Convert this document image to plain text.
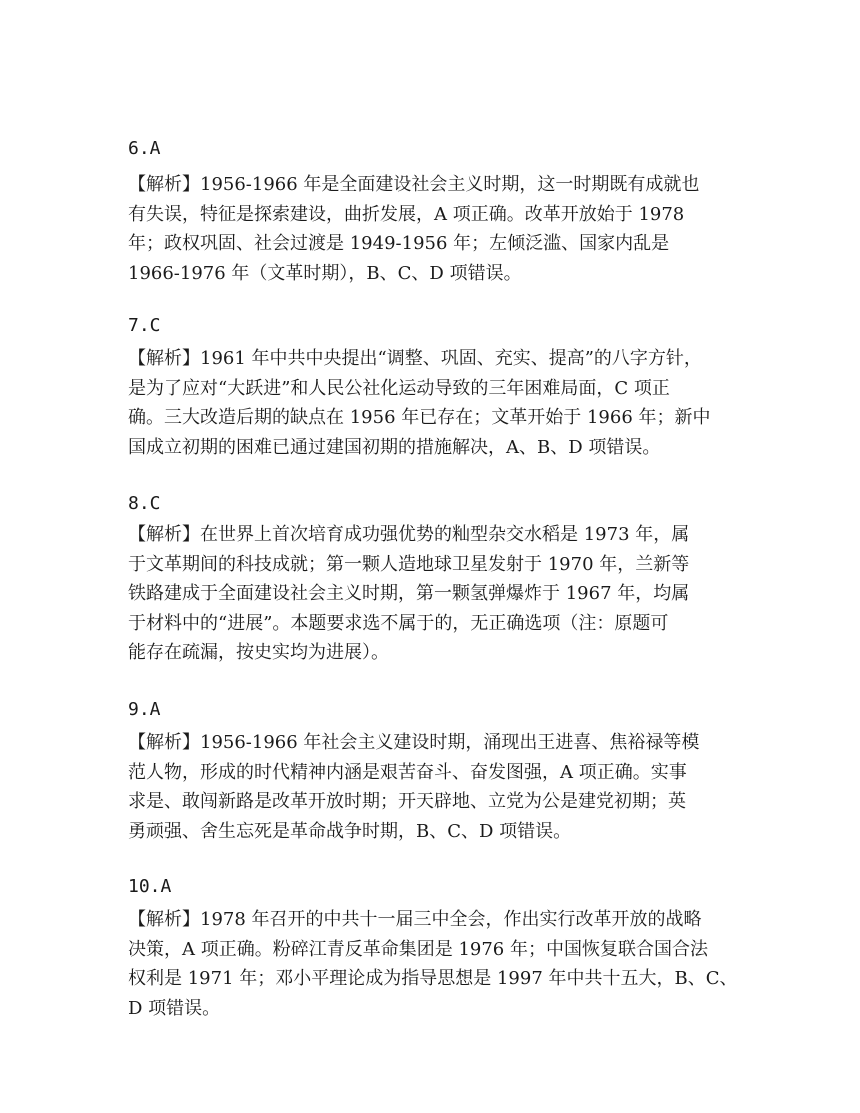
6.A
【解析】1956-1966 年是全面建设社会主义时期，这一时期既有成就也
有失误，特征是探索建设，曲折发展，A 项正确。改革开放始于 1978
年；政权巩固、社会过渡是 1949-1956 年；左倾泛滥、国家内乱是
1966-1976 年（文革时期），B、C、D 项错误。
7.C
【解析】1961 年中共中央提出“调整、巩固、充实、提高”的八字方针，
是为了应对“大跃进”和人民公社化运动导致的三年困难局面，C 项正
确。三大改造后期的缺点在 1956 年已存在；文革开始于 1966 年；新中
国成立初期的困难已通过建国初期的措施解决，A、B、D 项错误。
8.C
【解析】在世界上首次培育成功强优势的籼型杂交水稻是 1973 年，属
于文革期间的科技成就；第一颗人造地球卫星发射于 1970 年，兰新等
铁路建成于全面建设社会主义时期，第一颗氢弹爆炸于 1967 年，均属
于材料中的“进展”。本题要求选不属于的，无正确选项（注：原题可
能存在疏漏，按史实均为进展）。
9.A
【解析】1956-1966 年社会主义建设时期，涌现出王进喜、焦裕禄等模
范人物，形成的时代精神内涵是艰苦奋斗、奋发图强，A 项正确。实事
求是、敢闯新路是改革开放时期；开天辟地、立党为公是建党初期；英
勇顽强、舍生忘死是革命战争时期，B、C、D 项错误。
10.A
【解析】1978 年召开的中共十一届三中全会，作出实行改革开放的战略
决策，A 项正确。粉碎江青反革命集团是 1976 年；中国恢复联合国合法
权利是 1971 年；邓小平理论成为指导思想是 1997 年中共十五大，B、C、
D 项错误。
